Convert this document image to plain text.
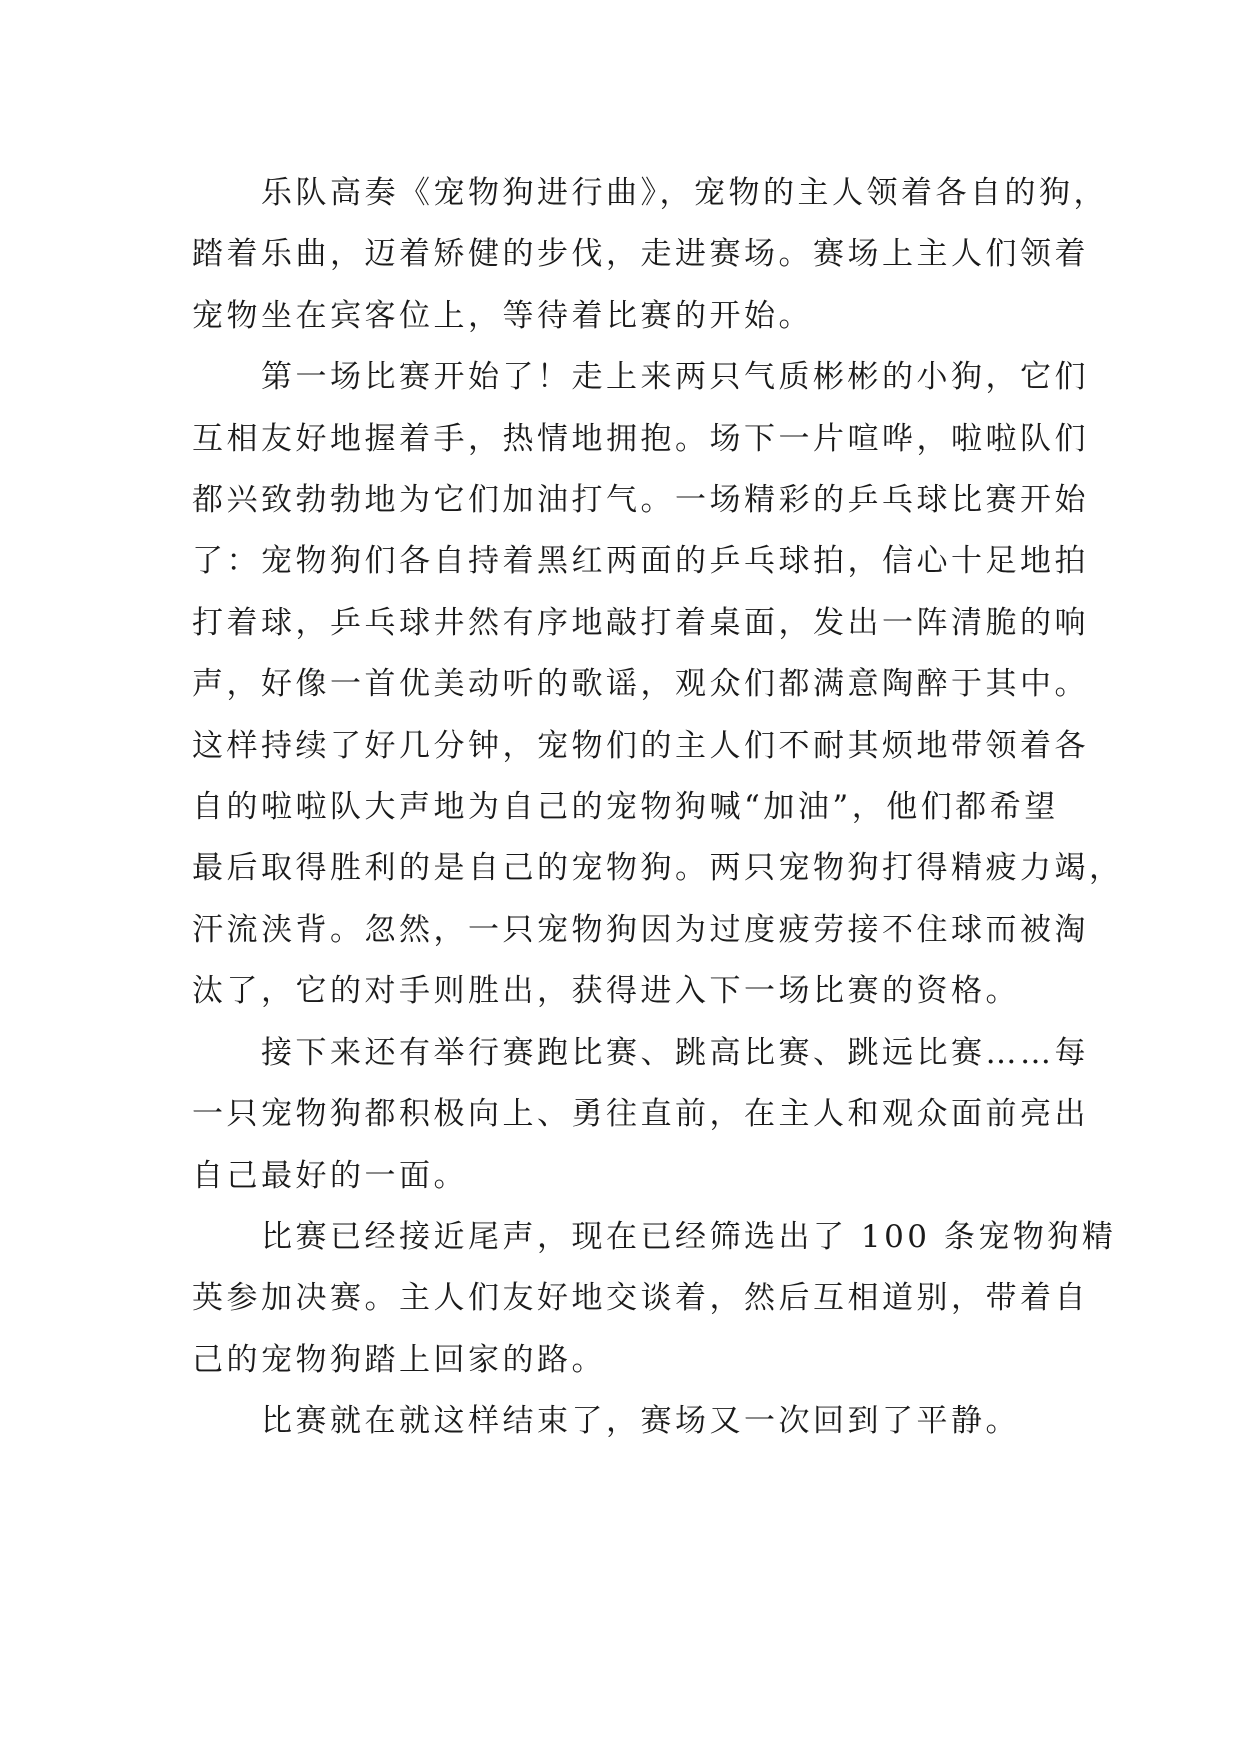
乐队高奏《宠物狗进行曲》，宠物的主人领着各自的狗，
踏着乐曲，迈着矫健的步伐，走进赛场。赛场上主人们领着
宠物坐在宾客位上，等待着比赛的开始。

第一场比赛开始了！走上来两只气质彬彬的小狗，它们
互相友好地握着手，热情地拥抱。场下一片喧哗，啦啦队们
都兴致勃勃地为它们加油打气。一场精彩的乒乓球比赛开始
了：宠物狗们各自持着黑红两面的乒乓球拍，信心十足地拍
打着球，乒乓球井然有序地敲打着桌面，发出一阵清脆的响
声，好像一首优美动听的歌谣，观众们都满意陶醉于其中。
这样持续了好几分钟，宠物们的主人们不耐其烦地带领着各
自的啦啦队大声地为自己的宠物狗喊“加油”，他们都希望
最后取得胜利的是自己的宠物狗。两只宠物狗打得精疲力竭，
汗流浃背。忽然，一只宠物狗因为过度疲劳接不住球而被淘
汰了，它的对手则胜出，获得进入下一场比赛的资格。

接下来还有举行赛跑比赛、跳高比赛、跳远比赛……每
一只宠物狗都积极向上、勇往直前，在主人和观众面前亮出
自己最好的一面。

比赛已经接近尾声，现在已经筛选出了 100 条宠物狗精
英参加决赛。主人们友好地交谈着，然后互相道别，带着自
己的宠物狗踏上回家的路。

比赛就在就这样结束了，赛场又一次回到了平静。
